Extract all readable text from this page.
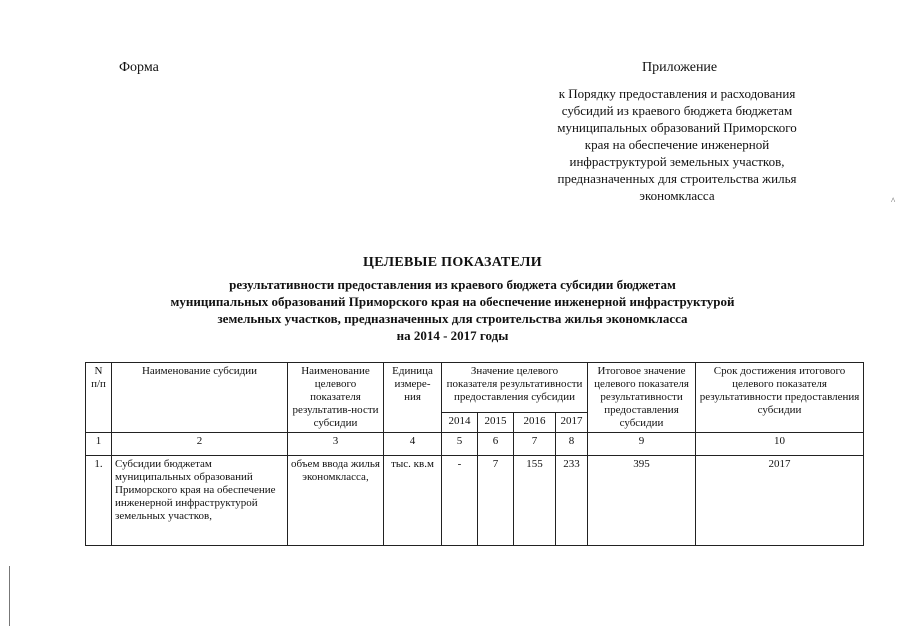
Форма	Приложение
к Порядку предоставления и расходования
субсидий из краевого бюджета бюджетам
муниципальных образований Приморского
края на обеспечение инженерной
инфраструктурой земельных участков,
предназначенных для строительства жилья
экономкласса	^
ЦЕЛЕВЫЕ ПОКАЗАТЕЛИ
результативности предоставления из краевого бюджета субсидии бюджетам
муниципальных образований Приморского края на обеспечение инженерной инфраструктурой
земельных участков, предназначенных для строительства жилья экономкласса
на 2014 - 2017 годы
N п/п	Наименование субсидии	Наименование целевого показателя результатив-ности субсидии	Единица измере-ния	Значение целевого показателя результативности предоставления субсидии				Итоговое значение целевого показателя результативности предоставления субсидии	Срок достижения итогового целевого показателя результативности предоставления субсидии
				2014	2015	2016	2017		
1	2	3	4	5	6	7	8	9	10
1.	Субсидии бюджетам муниципальных образований Приморского края на обеспечение инженерной инфраструктурой земельных участков,	объем ввода жилья экономкласса,	тыс. кв.м	-	7	155	233	395	2017
